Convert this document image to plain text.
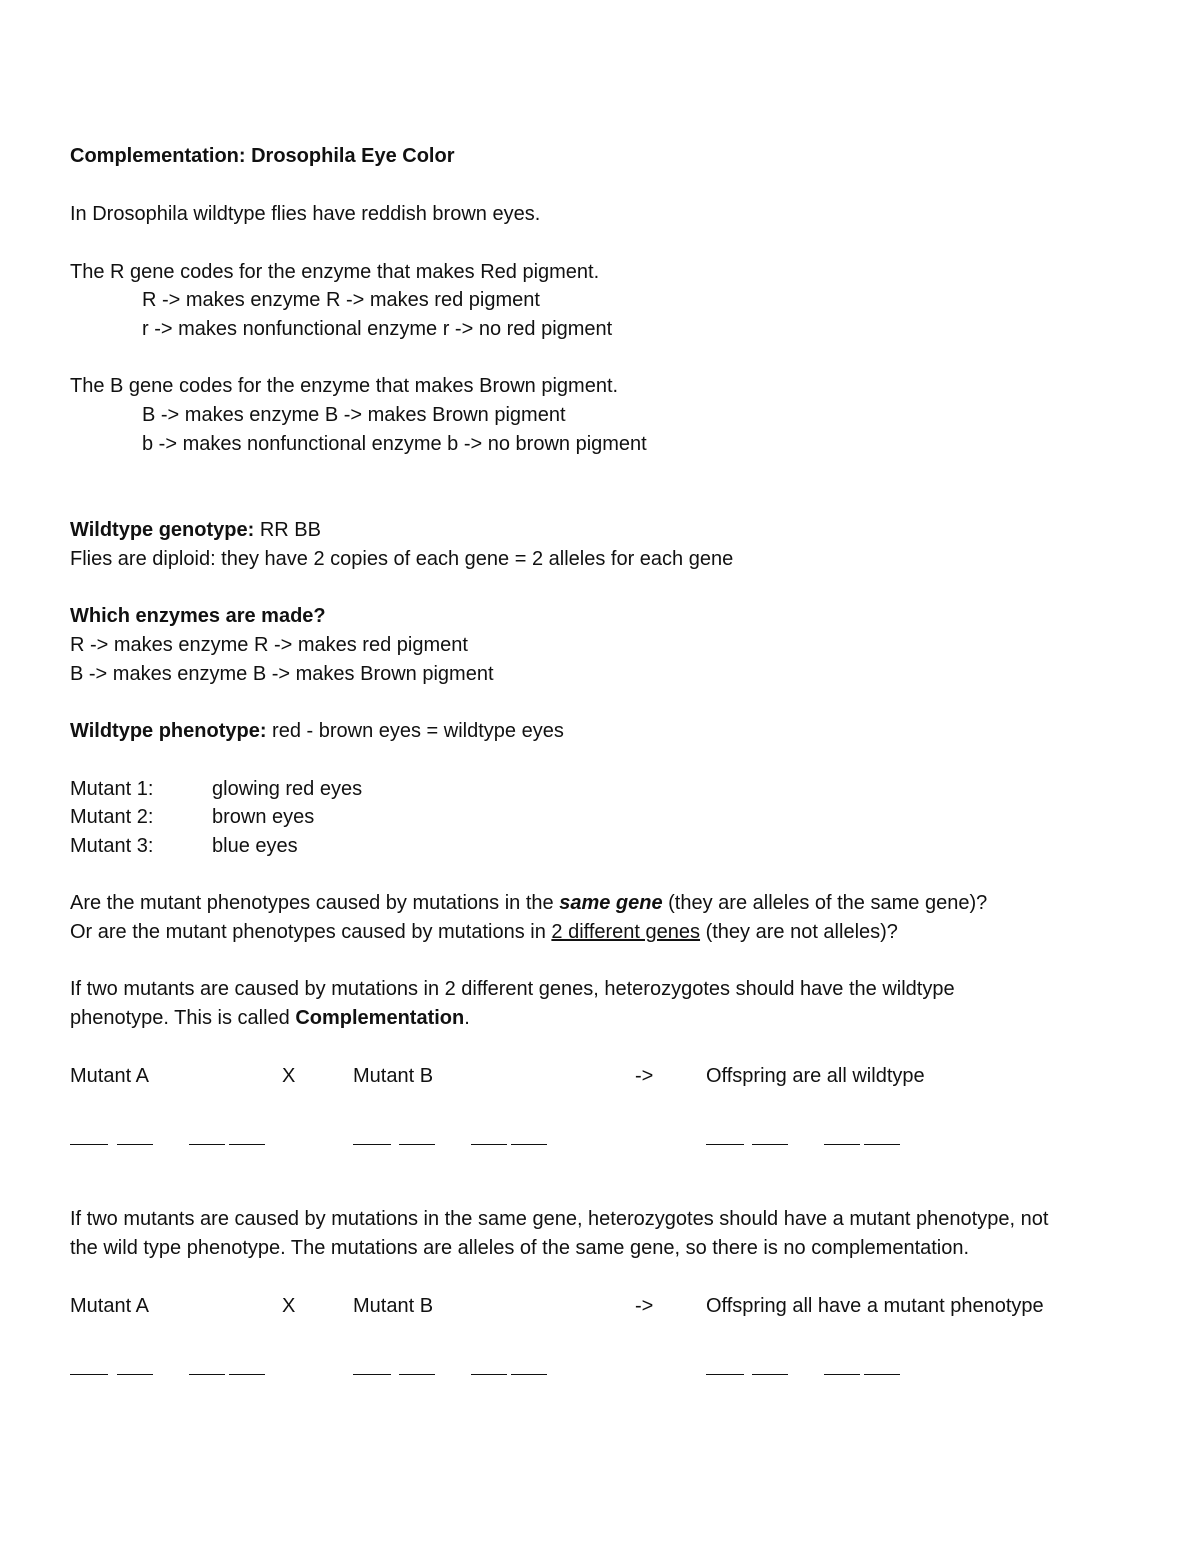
Complementation: Drosophila Eye Color
In Drosophila wildtype flies have reddish brown eyes.
The R gene codes for the enzyme that makes Red pigment.
R -> makes enzyme R -> makes red pigment
r -> makes nonfunctional enzyme r -> no red pigment
The B gene codes for the enzyme that makes Brown pigment.
B -> makes enzyme B -> makes Brown pigment
b -> makes nonfunctional enzyme b -> no brown pigment
Wildtype genotype: RR BB
Flies are diploid: they have 2 copies of each gene = 2 alleles for each gene
Which enzymes are made?
R -> makes enzyme R -> makes red pigment
B -> makes enzyme B -> makes Brown pigment
Wildtype phenotype: red - brown eyes = wildtype eyes
Mutant 1:	glowing red eyes
Mutant 2:	brown eyes
Mutant 3:	blue eyes
Are the mutant phenotypes caused by mutations in the same gene (they are alleles of the same gene)?
Or are the mutant phenotypes caused by mutations in 2 different genes (they are not alleles)?
If two mutants are caused by mutations in 2 different genes, heterozygotes should have the wildtype
phenotype. This is called Complementation.
Mutant A	X	Mutant B	->	Offspring are all wildtype
If two mutants are caused by mutations in the same gene, heterozygotes should have a mutant phenotype, not
the wild type phenotype. The mutations are alleles of the same gene, so there is no complementation.
Mutant A	X	Mutant B	->	Offspring all have a mutant phenotype
